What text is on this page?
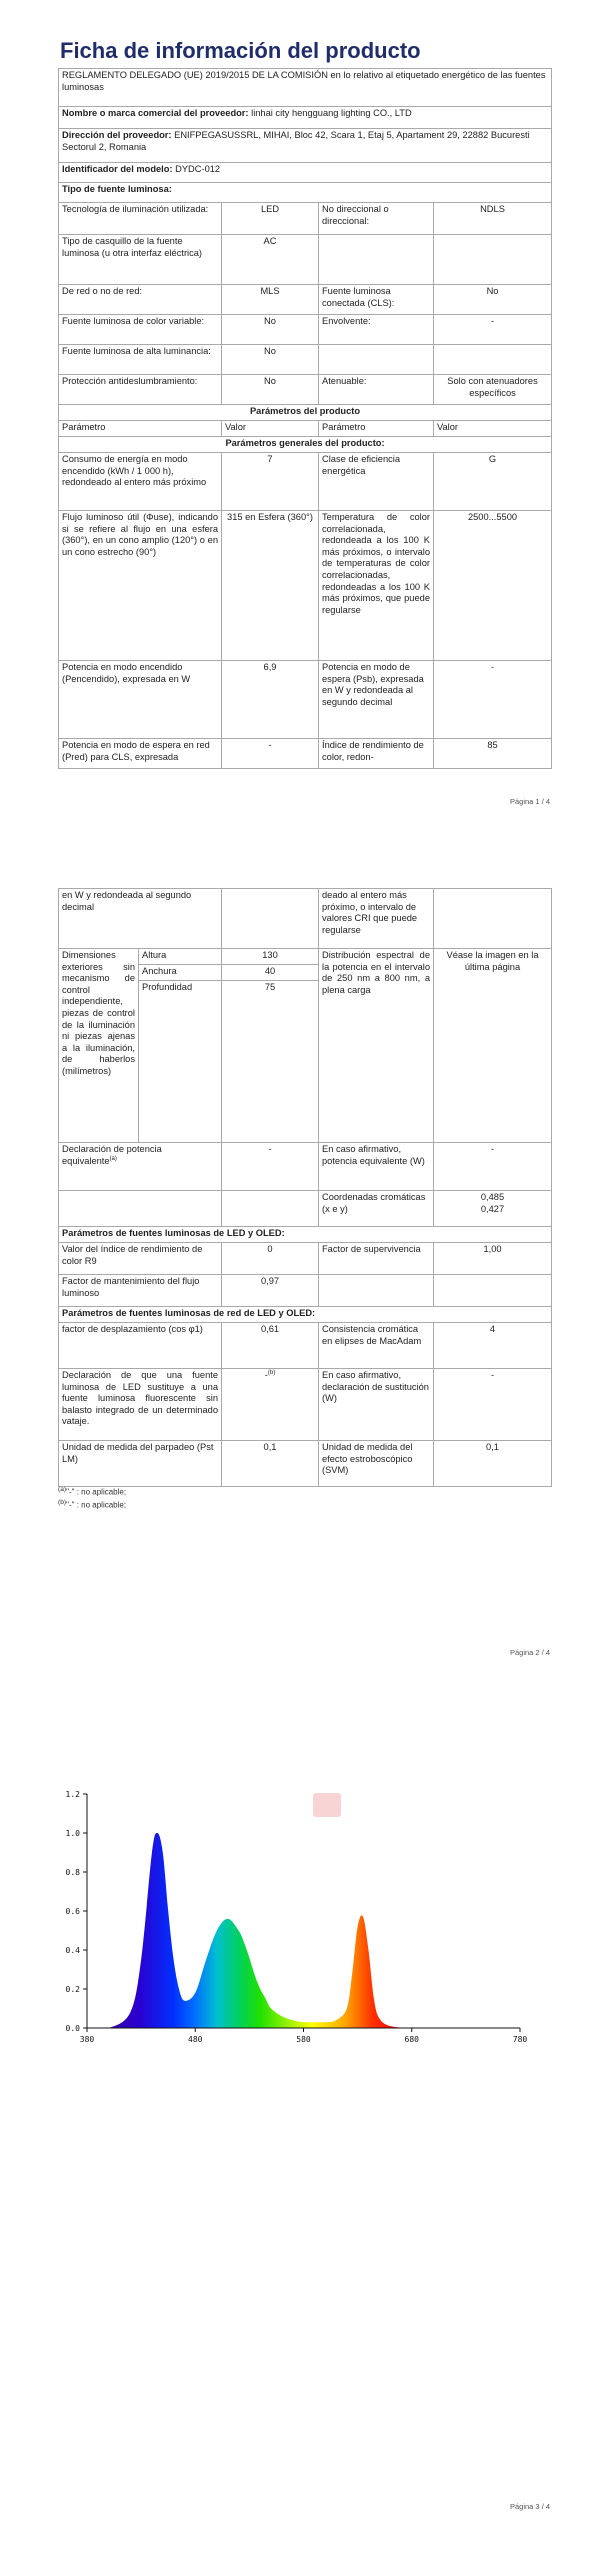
Ficha de información del producto
REGLAMENTO DELEGADO (UE) 2019/2015 DE LA COMISIÓN en lo relativo al etiquetado energético de las fuentes luminosas			
Nombre o marca comercial del proveedor: linhai city hengguang lighting CO., LTD			
Dirección del proveedor: ENIFPEGASUSSRL, MIHAI, Bloc 42, Scara 1, Etaj 5, Apartament 29, 22882 Bucuresti Sectorul 2, Romania			
Identificador del modelo: DYDC-012			
Tipo de fuente luminosa:			
Tecnología de iluminación utilizada:	LED	No direccional o direccional:	NDLS
Tipo de casquillo de la fuente luminosa (u otra interfaz eléctrica)	AC		
De red o no de red:	MLS	Fuente luminosa conectada (CLS):	No
Fuente luminosa de color variable:	No	Envolvente:	-
Fuente luminosa de alta luminancia:	No		
Protección antideslumbramiento:	No	Atenuable:	Solo con atenuadores específicos
Parámetros del producto			
Parámetro	Valor	Parámetro	Valor
Parámetros generales del producto:			
Consumo de energía en modo encendido (kWh / 1 000 h), redondeado al entero más próximo	7	Clase de eficiencia energética	G
Flujo luminoso útil (Φuse), indicando si se refiere al flujo en una esfera (360°), en un cono amplio (120°) o en un cono estrecho (90°)	315 en Esfera (360°)	Temperatura de color correlacionada, redondeada a los 100 K más próximos, o intervalo de temperaturas de color correlacionadas, redondeadas a los 100 K más próximos, que puede regularse	2500...5500
Potencia en modo encendido (Pencendido), expresada en W	6,9	Potencia en modo de espera (Psb), expresada en W y redondeada al segundo decimal	-
Potencia en modo de espera en red (Pred) para CLS, expresada	-	Índice de rendimiento de color, redon-	85
Página 1 / 4
en W y redondeada al segundo decimal			deado al entero más próximo, o intervalo de valores CRI que puede regularse	
Dimensiones exteriores sin mecanismo de control independiente, piezas de control de la iluminación ni piezas ajenas a la iluminación, de haberlos (milímetros)	Altura	130	Distribución espectral de la potencia en el intervalo de 250 nm a 800 nm, a plena carga	Véase la imagen en la última página
	Anchura	40		
	Profundidad	75		
Declaración de potencia equivalente$^{(a)}$		-	En caso afirmativo, potencia equivalente (W)	-
			Coordenadas cromáticas (x e y)	0,485
0,427

Parámetros de fuentes luminosas de LED y OLED:				
Valor del índice de rendimiento de color R9		0	Factor de supervivencia	1,00
Factor de mantenimiento del flujo luminoso		0,97		
Parámetros de fuentes luminosas de red de LED y OLED:				
factor de desplazamiento (cos φ1)		0,61	Consistencia cromática en elipses de MacAdam	4
Declaración de que una fuente luminosa de LED sustituye a una fuente luminosa fluorescente sin balasto integrado de un determinado vataje.		-$^{(b)}$	En caso afirmativo, declaración de sustitución (W)	-
Unidad de medida del parpadeo (Pst LM)		0,1	Unidad de medida del efecto estroboscópico (SVM)	0,1
$^{(a)}$"-" : no aplicable;
$^{(b)}$"-" : no aplicable;
Página 2 / 4
380	480	580	680	780
0.0
0.2
0.4
0.6
0.8
1.0
1.2
Página 3 / 4
